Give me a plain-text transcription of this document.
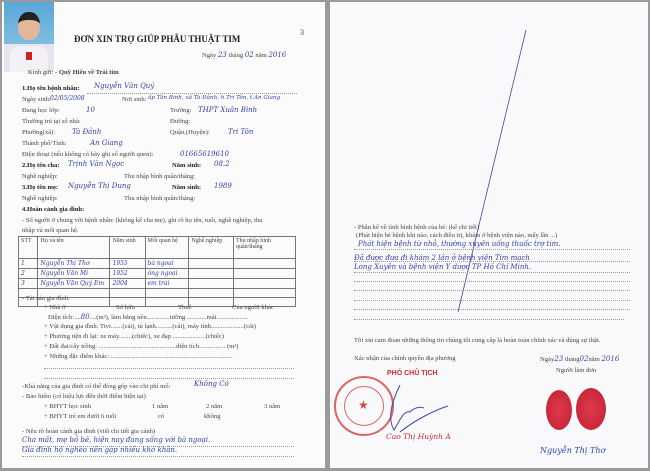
ĐƠN XIN TRỢ GIÚP PHẪU THUẬT TIM
3
Ngày 23 tháng 02 năm 2016
Kính gửi: - Quỹ Hiểu về Trái tim
1.Họ tên bệnh nhân: Nguyễn Văn Quý
Ngày sinh: 02/05/2008	Nơi sinh: ấp Tân Bình, xã Tà Đảnh, h.Tri Tôn, t.An Giang
Đang học lớp:	10	Trường: THPT Xuân Bình
Thường trú tại số nhà:	Đường:
Phường(xã): Tà Đảnh	Quận,(Huyện):	Tri Tôn
Thành phố/Tỉnh:	An Giang
Điện thoại (nếu không có hãy ghi số người quen):	01665619610
2.Họ tên cha: Trịnh Văn Ngọc	Năm sinh: 08.2
Nghề nghiệp:	Thu nhập bình quân/tháng:
3.Họ tên mẹ: Nguyễn Thị Dung	Năm sinh: 1989
Nghề nghiệp:	Thu nhập bình quân/tháng:
4.Hoàn cảnh gia đình:
- Số người ở chung với bệnh nhân: (không kể cha mẹ), ghi rõ họ tên, tuổi, nghề nghiệp, thu
nhập và mối quan hệ.
STT	Họ và tên	Năm sinh	Mối quan hệ	Nghề nghiệp	Thu nhập bình quân/tháng
1	Nguyễn Thị Thơ	1955	bà ngoại		
2	Nguyễn Văn Mi	1952	ông ngoại		
3	Nguyễn Văn Quý Em	2004	em trai		

- Tài sản gia đình:
+ Nhà ở	Sở hữu	Thuê	Của người khác
Diện tích:....80....(m²), làm bằng nền..............tường.............mái...................
+ Vật dụng gia đình: Tivi.......(cái), tủ lạnh..........(cái), máy tính....................(cái)
+ Phương tiện đi lại: xe máy........(chiếc), xe đạp ....................(chiếc)
+ Đất đai/cây trồng: ...............................................diện tích................ (m²)
+ Những đặc điểm khác: ..........................................................................
-Khả năng của gia đình có thể đóng góp vào chi phí mổ:	Không Có
- Bảo hiểm (có hiệu lực đến thời điểm hiện tại)
+ BHYT học sinh	1 năm	2 năm	3 năm
+ BHYT trẻ em dưới 6 tuổi	có	không
- Nêu rõ hoàn cảnh gia đình (viết chi tiết gia cảnh)
Cha mất, mẹ bỏ bê, hiện nay đang sống với bà ngoại.
Gia đình hộ nghèo nên gặp nhiều khó khăn.
- Phần kể về tình hình bệnh của bé: (kể chi tiết)
(Phát hiện bé bệnh khi nào, cách điều trị, khám ở bệnh viện nào, mấy lần ...)
Phát hiện bệnh từ nhỏ, thường xuyên uống thuốc trợ tim.
Đã được đưa đi khám 2 lần ở bệnh viện Tim mạch
Long Xuyên và bệnh viện Y dược TP Hồ Chí Minh.
Tôi xin cam đoan những thông tin chúng tôi cung cấp là hoàn toàn chính xác và đúng sự thật.
Xác nhận của chính quyền địa phương	Ngày23 tháng02năm 2016
Người làm đơn
PHÓ CHỦ TỊCH
★
Cao Thị Huỳnh A
Nguyễn Thị Thơ
